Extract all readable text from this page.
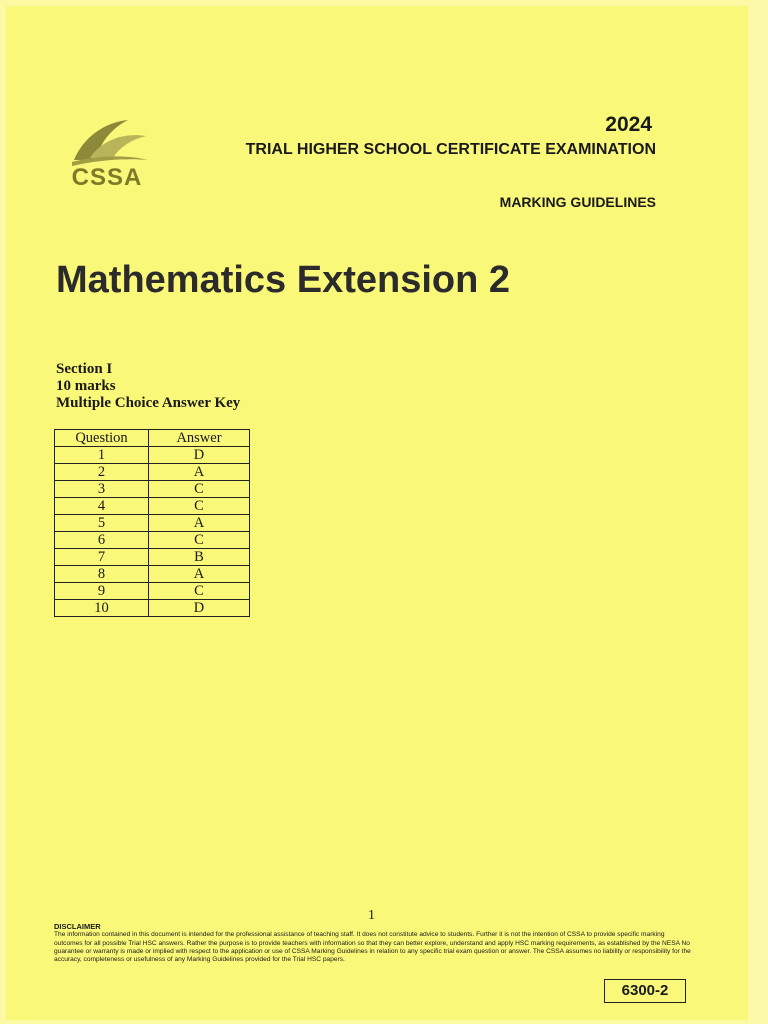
CSSA
2024
TRIAL HIGHER SCHOOL CERTIFICATE EXAMINATION
MARKING GUIDELINES
Mathematics Extension 2
Section I
10 marks
Multiple Choice Answer Key
Question	Answer
1	D
2	A
3	C
4	C
5	A
6	C
7	B
8	A
9	C
10	D
1
DISCLAIMER
The information contained in this document is intended for the professional assistance of teaching staff. It does not constitute advice to students. Further it is not the intention of CSSA to provide specific marking outcomes for all possible Trial HSC answers. Rather the purpose is to provide teachers with information so that they can better explore, understand and apply HSC marking requirements, as established by the NESA No guarantee or warranty is made or implied with respect to the application or use of CSSA Marking Guidelines in relation to any specific trial exam question or answer. The CSSA assumes no liability or responsibility for the accuracy, completeness or usefulness of any Marking Guidelines provided for the Trial HSC papers.
6300-2
